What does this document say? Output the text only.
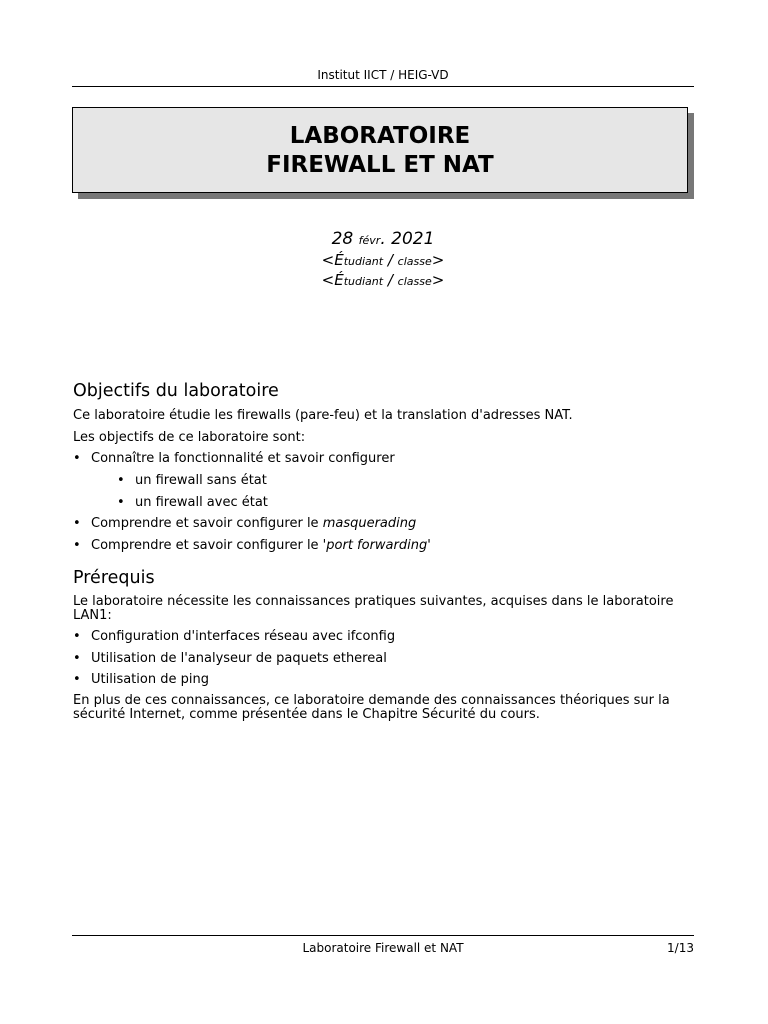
Institut IICT / HEIG-VD
LABORATOIRE
FIREWALL ET NAT
28 févr. 2021
<Étudiant / classe>
<Étudiant / classe>
Objectifs du laboratoire

Ce laboratoire étudie les firewalls (pare-feu) et la translation d'adresses NAT.

Les objectifs de ce laboratoire sont:

• Connaître la fonctionnalité et savoir configurer
• un firewall sans état
• un firewall avec état
• Comprendre et savoir configurer le masquerading
• Comprendre et savoir configurer le 'port forwarding'
Prérequis

Le laboratoire nécessite les connaissances pratiques suivantes, acquises dans le laboratoire

LAN1:

• Configuration d'interfaces réseau avec ifconfig
• Utilisation de l'analyseur de paquets ethereal
• Utilisation de ping

En plus de ces connaissances, ce laboratoire demande des connaissances théoriques sur la

sécurité Internet, comme présentée dans le Chapitre Sécurité du cours.

Laboratoire Firewall et NAT	1/13
